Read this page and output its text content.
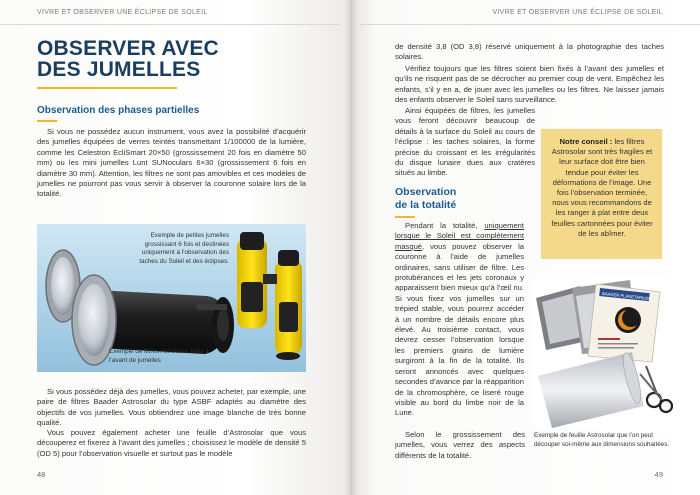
VIVRE ET OBSERVER UNE ÉCLIPSE DE SOLEIL
OBSERVER AVEC
DES JUMELLES
Observation des phases partielles

Si vous ne possédez aucun instrument, vous avez la possibilité d’acquérir des jumelles équipées de verres teintés transmettant 1/100000 de la lumière, comme les Celestron EcliSmart 20×50 (grossissement 20 fois en diamètre 50 mm) ou les mini jumelles Lunt SUNoculars 6×30 (grossissement 6 fois en diamètre 30 mm). Attention, les filtres ne sont pas amovibles et ces modèles de jumelles ne pourront pas vous servir à observer la couronne solaire lors de la totalité.

Exemple de petites jumelles grossissant 6 fois et destinées uniquement à l’observation des taches du Soleil et des éclipses.
Exemple de filtres Astrosolar fixés à l’avant de jumelles

Si vous possédez déjà des jumelles, vous pouvez acheter, par exemple, une paire de filtres Baader Astrosolar du type ASBF adaptés au diamètre des objectifs de vos jumelles. Vous obtiendrez une image blanche de très bonne qualité.

Vous pouvez également acheter une feuille d’Astrosolar que vous découperez et fixerez à l’avant des jumelles ; choisissez le modèle de densité 5 (OD 5) pour l’observation visuelle et surtout pas le modèle

48
VIVRE ET OBSERVER UNE ÉCLIPSE DE SOLEIL

de densité 3,8 (OD 3,8) réservé uniquement à la photographie des taches solaires.

Vérifiez toujours que les filtres soient bien fixés à l’avant des jumelles et qu’ils ne risquent pas de se décrocher au premier coup de vent. Empêchez les enfants, s’il y en a, de jouer avec les jumelles ou les filtres. Ne laissez jamais des enfants observer le Soleil sans surveillance.

Ainsi équipées de filtres, les jumelles vous feront découvrir beaucoup de détails à la surface du Soleil au cours de l’éclipse : les taches solaires, la forme précise du croissant et les irrégularités du disque lunaire dues aux cratères situés au limbe.

Observation
de la totalité

Pendant la totalité, uniquement lorsque le Soleil est complètement masqué, vous pouvez observer la couronne à l’aide de jumelles ordinaires, sans utiliser de filtre. Les protubérances et les jets coronaux y apparaissent bien mieux qu’à l’œil nu. Si vous fixez vos jumelles sur un trépied stable, vous pourrez accéder à un nombre de détails encore plus élevé. Au troisième contact, vous devrez cesser l’observation lorsque les premiers grains de lumière surgiront à la fin de la totalité. Ils seront annoncés avec quelques secondes d’avance par la réapparition de la chromosphère, ce liseré rouge visible au bord du limbe noir de la Lune.

Selon le grossissement des jumelles, vous verrez des aspects différents de la totalité.

Notre conseil : les filtres Astrosolar sont très fragiles et leur surface doit être bien tendue pour éviter les déformations de l’image. Une fois l’observation terminée, nous vous recommandons de les ranger à plat entre deux feuilles cartonnées pour éviter de les abîmer.

BAADER PLANETARIUM
Exemple de feuille Astrosolar que l’on peut découper soi-même aux dimensions souhaitées.
49
